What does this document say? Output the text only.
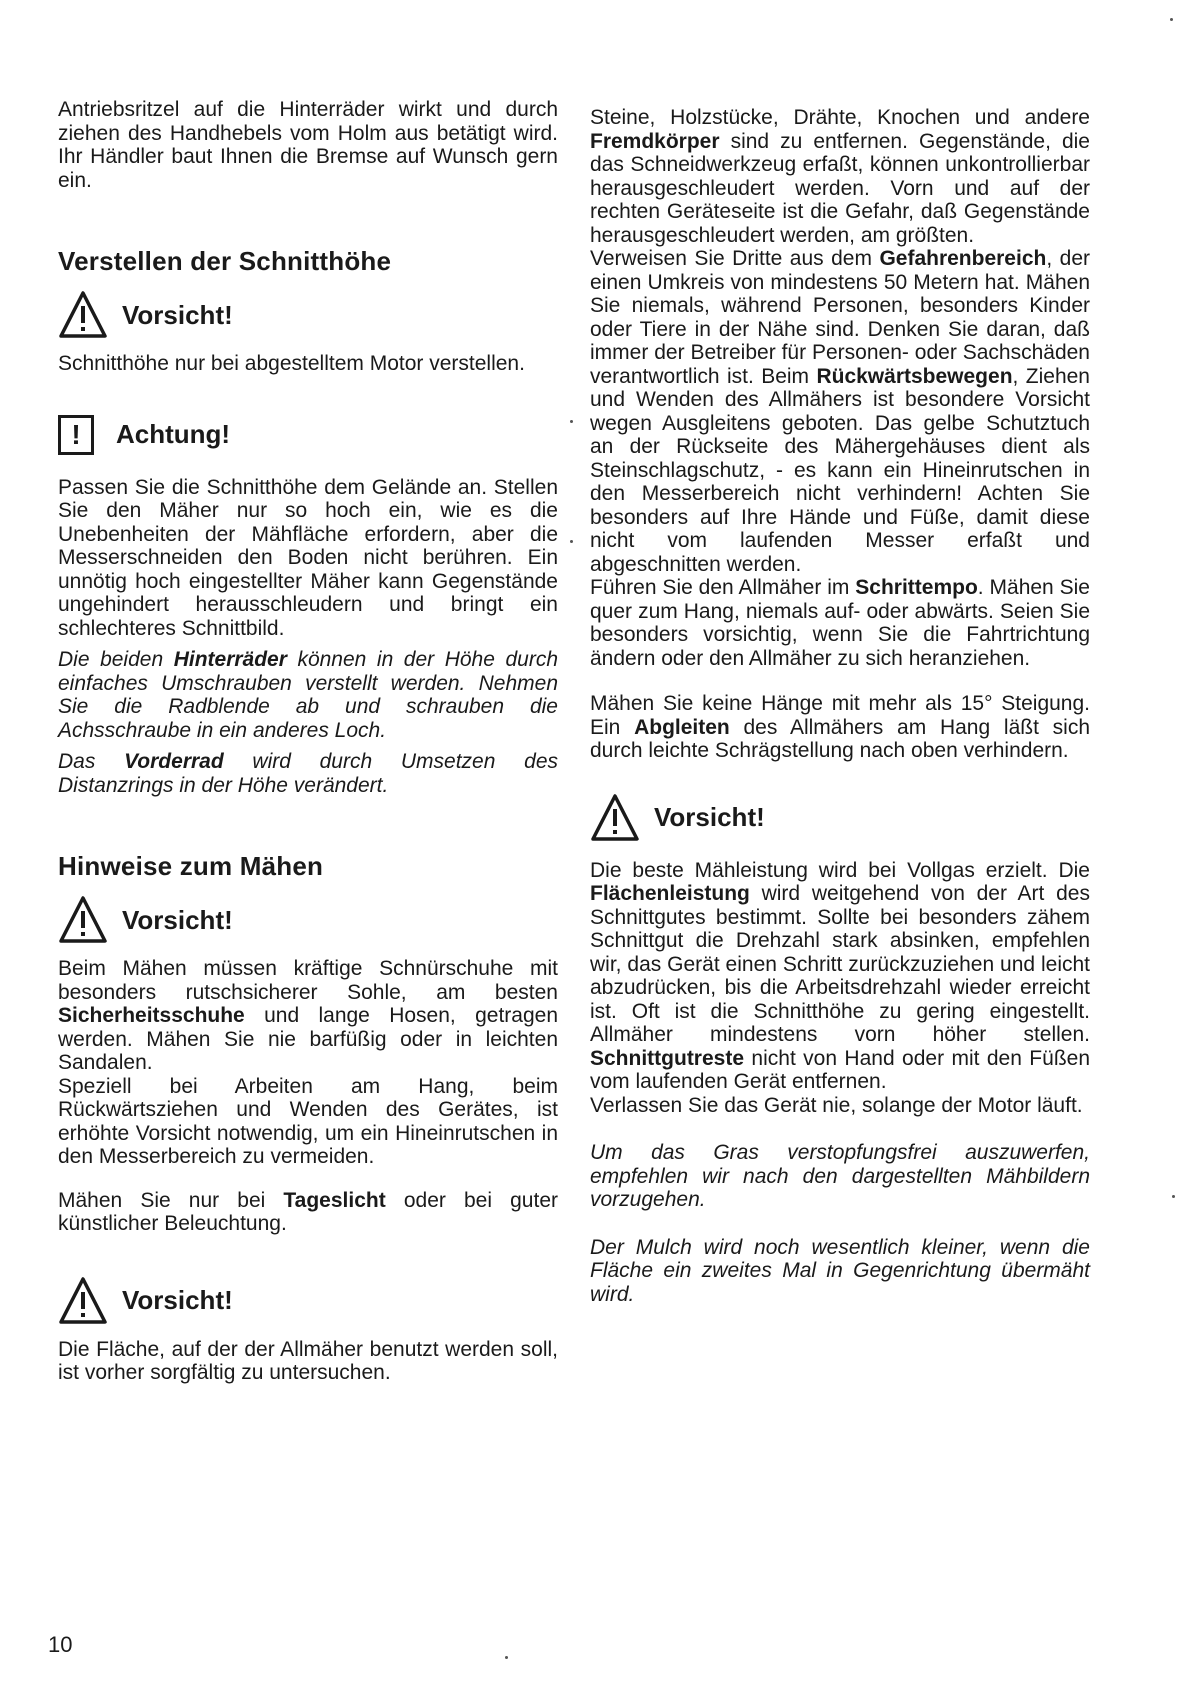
Antriebsritzel auf die Hinterräder wirkt und durch ziehen des Handhebels vom Holm aus betätigt wird. Ihr Händler baut Ihnen die Bremse auf Wunsch gern ein.

Verstellen der Schnitthöhe
Vorsicht!

Schnitthöhe nur bei abgestelltem Motor verstellen.

!	Achtung!

Passen Sie die Schnitthöhe dem Gelände an. Stellen Sie den Mäher nur so hoch ein, wie es die Unebenheiten der Mähfläche erfordern, aber die Messerschneiden den Boden nicht berühren. Ein unnötig hoch eingestellter Mäher kann Gegenstände ungehindert herausschleudern und bringt ein schlechteres Schnittbild.

Die beiden Hinterräder können in der Höhe durch einfaches Umschrauben verstellt werden. Nehmen Sie die Radblende ab und schrauben die Achsschraube in ein anderes Loch.

Das Vorderrad wird durch Umsetzen des Distanzrings in der Höhe verändert.

Hinweise zum Mähen
Vorsicht!

Beim Mähen müssen kräftige Schnürschuhe mit besonders rutschsicherer Sohle, am besten Sicherheitsschuhe und lange Hosen, getragen werden. Mähen Sie nie barfüßig oder in leichten Sandalen.

Speziell bei Arbeiten am Hang, beim Rückwärtsziehen und Wenden des Gerätes, ist erhöhte Vorsicht notwendig, um ein Hineinrutschen in den Messerbereich zu vermeiden.

Mähen Sie nur bei Tageslicht oder bei guter künstlicher Beleuchtung.

Vorsicht!

Die Fläche, auf der der Allmäher benutzt werden soll, ist vorher sorgfältig zu untersuchen.

Steine, Holzstücke, Drähte, Knochen und andere Fremdkörper sind zu entfernen. Gegenstände, die das Schneidwerkzeug erfaßt, können unkontrollierbar herausgeschleudert werden. Vorn und auf der rechten Geräteseite ist die Gefahr, daß Gegenstände herausgeschleudert werden, am größten.

Verweisen Sie Dritte aus dem Gefahrenbereich, der einen Umkreis von mindestens 50 Metern hat. Mähen Sie niemals, während Personen, besonders Kinder oder Tiere in der Nähe sind. Denken Sie daran, daß immer der Betreiber für Personen- oder Sachschäden verantwortlich ist. Beim Rückwärtsbewegen, Ziehen und Wenden des Allmähers ist besondere Vorsicht wegen Ausgleitens geboten. Das gelbe Schutztuch an der Rückseite des Mähergehäuses dient als Steinschlagschutz, - es kann ein Hineinrutschen in den Messerbereich nicht verhindern! Achten Sie besonders auf Ihre Hände und Füße, damit diese nicht vom laufenden Messer erfaßt und abgeschnitten werden.

Führen Sie den Allmäher im Schrittempo. Mähen Sie quer zum Hang, niemals auf- oder abwärts. Seien Sie besonders vorsichtig, wenn Sie die Fahrtrichtung ändern oder den Allmäher zu sich heranziehen.

Mähen Sie keine Hänge mit mehr als 15° Steigung. Ein Abgleiten des Allmähers am Hang läßt sich durch leichte Schrägstellung nach oben verhindern.

Vorsicht!

Die beste Mähleistung wird bei Vollgas erzielt. Die Flächenleistung wird weitgehend von der Art des Schnittgutes bestimmt. Sollte bei besonders zähem Schnittgut die Drehzahl stark absinken, empfehlen wir, das Gerät einen Schritt zurückzuziehen und leicht abzudrücken, bis die Arbeitsdrehzahl wieder erreicht ist. Oft ist die Schnitthöhe zu gering eingestellt. Allmäher mindestens vorn höher stellen. Schnittgutreste nicht von Hand oder mit den Füßen vom laufenden Gerät entfernen.

Verlassen Sie das Gerät nie, solange der Motor läuft.

Um das Gras verstopfungsfrei auszuwerfen, empfehlen wir nach den dargestellten Mähbildern vorzugehen.

Der Mulch wird noch wesentlich kleiner, wenn die Fläche ein zweites Mal in Gegenrichtung übermäht wird.

10
